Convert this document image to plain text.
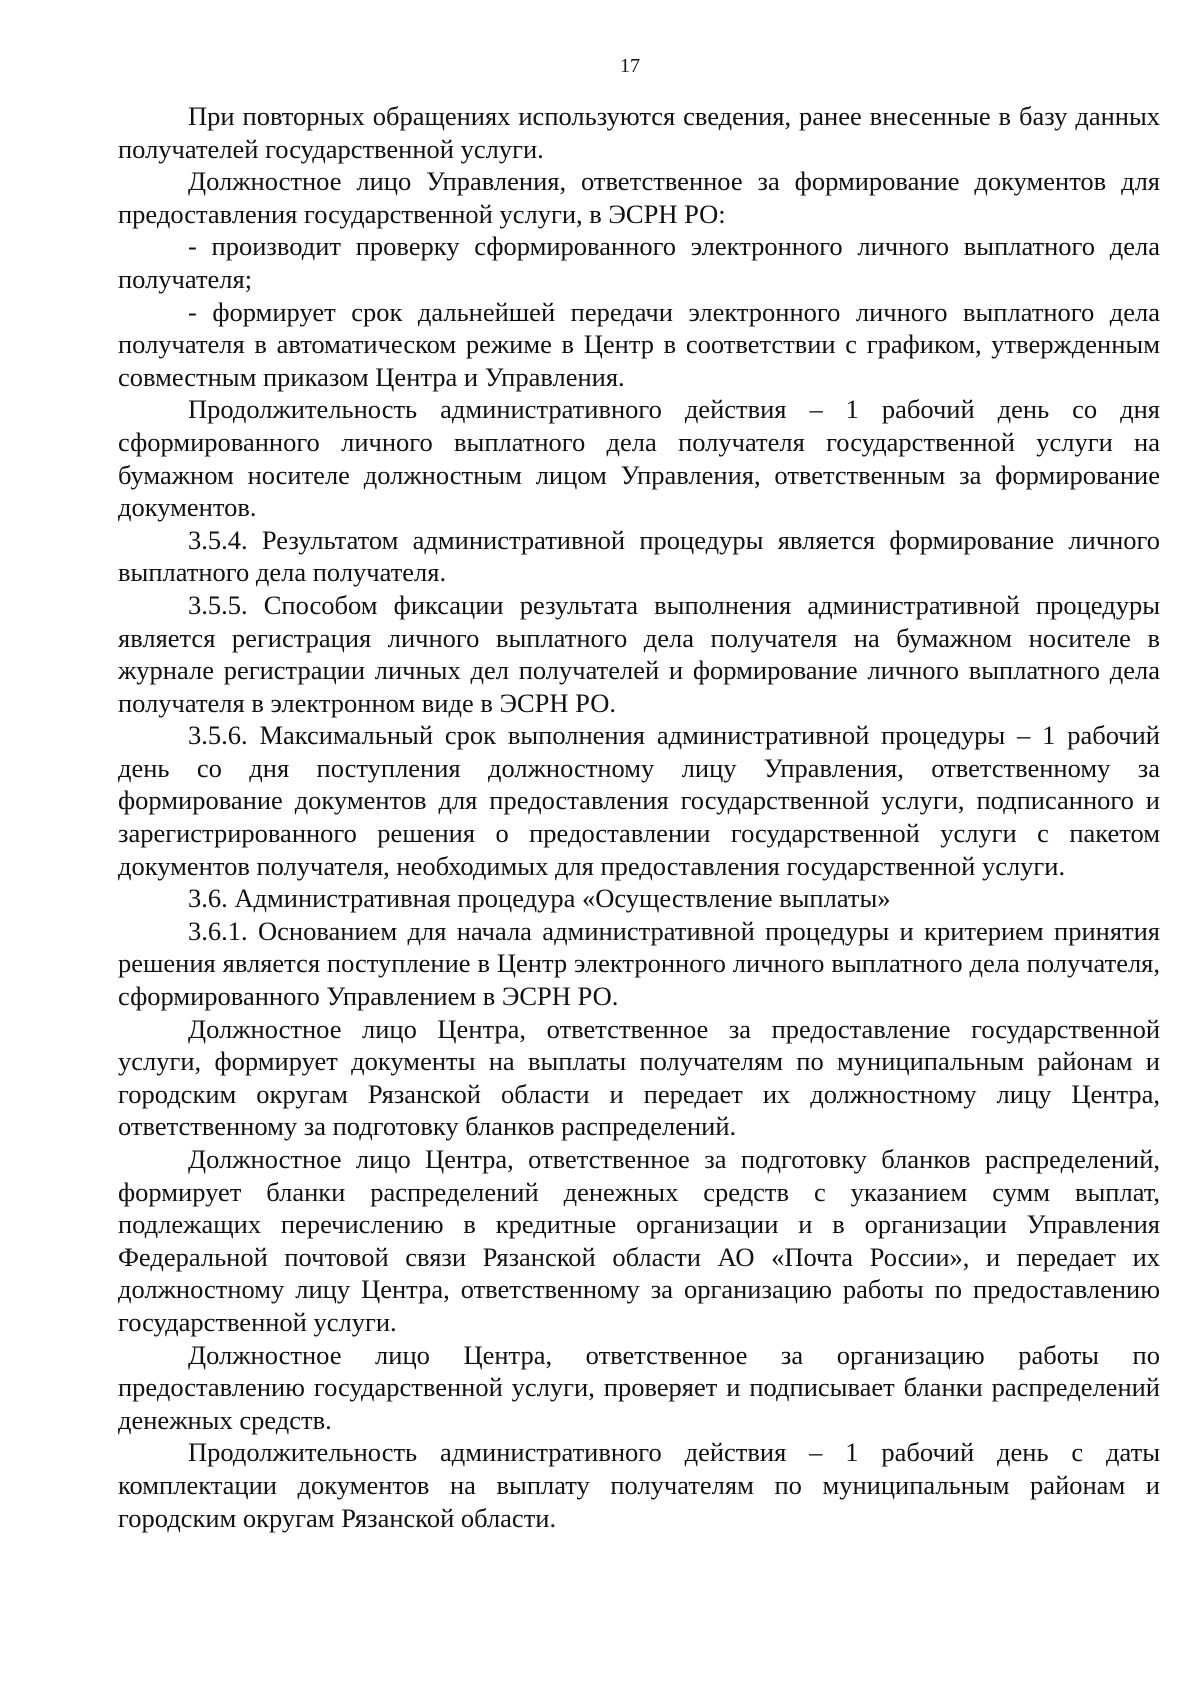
17

При повторных обращениях используются сведения, ранее внесенные в базу данных получателей государственной услуги.

Должностное лицо Управления, ответственное за формирование документов для предоставления государственной услуги, в ЭСРН РО:

- производит проверку сформированного электронного личного выплатного дела получателя;

- формирует срок дальнейшей передачи электронного личного выплатного дела получателя в автоматическом режиме в Центр в соответствии с графиком, утвержденным совместным приказом Центра и Управления.

Продолжительность административного действия – 1 рабочий день со дня сформированного личного выплатного дела получателя государственной услуги на бумажном носителе должностным лицом Управления, ответственным за формирование документов.

3.5.4. Результатом административной процедуры является формирование личного выплатного дела получателя.

3.5.5. Способом фиксации результата выполнения административной процедуры является регистрация личного выплатного дела получателя на бумажном носителе в журнале регистрации личных дел получателей и формирование личного выплатного дела получателя в электронном виде в ЭСРН РО.

3.5.6. Максимальный срок выполнения административной процедуры – 1 рабочий день со дня поступления должностному лицу Управления, ответственному за формирование документов для предоставления государственной услуги, подписанного и зарегистрированного решения о предоставлении государственной услуги с пакетом документов получателя, необходимых для предоставления государственной услуги.

3.6. Административная процедура «Осуществление выплаты»

3.6.1. Основанием для начала административной процедуры и критерием принятия решения является поступление в Центр электронного личного выплатного дела получателя, сформированного Управлением в ЭСРН РО.

Должностное лицо Центра, ответственное за предоставление государственной услуги, формирует документы на выплаты получателям по муниципальным районам и городским округам Рязанской области и передает их должностному лицу Центра, ответственному за подготовку бланков распределений.

Должностное лицо Центра, ответственное за подготовку бланков распределений, формирует бланки распределений денежных средств с указанием сумм выплат, подлежащих перечислению в кредитные организации и в организации Управления Федеральной почтовой связи Рязанской области АО «Почта России», и передает их должностному лицу Центра, ответственному за организацию работы по предоставлению государственной услуги.

Должностное лицо Центра, ответственное за организацию работы по предоставлению государственной услуги, проверяет и подписывает бланки распределений денежных средств.

Продолжительность административного действия – 1 рабочий день с даты комплектации документов на выплату получателям по муниципальным районам и городским округам Рязанской области.
